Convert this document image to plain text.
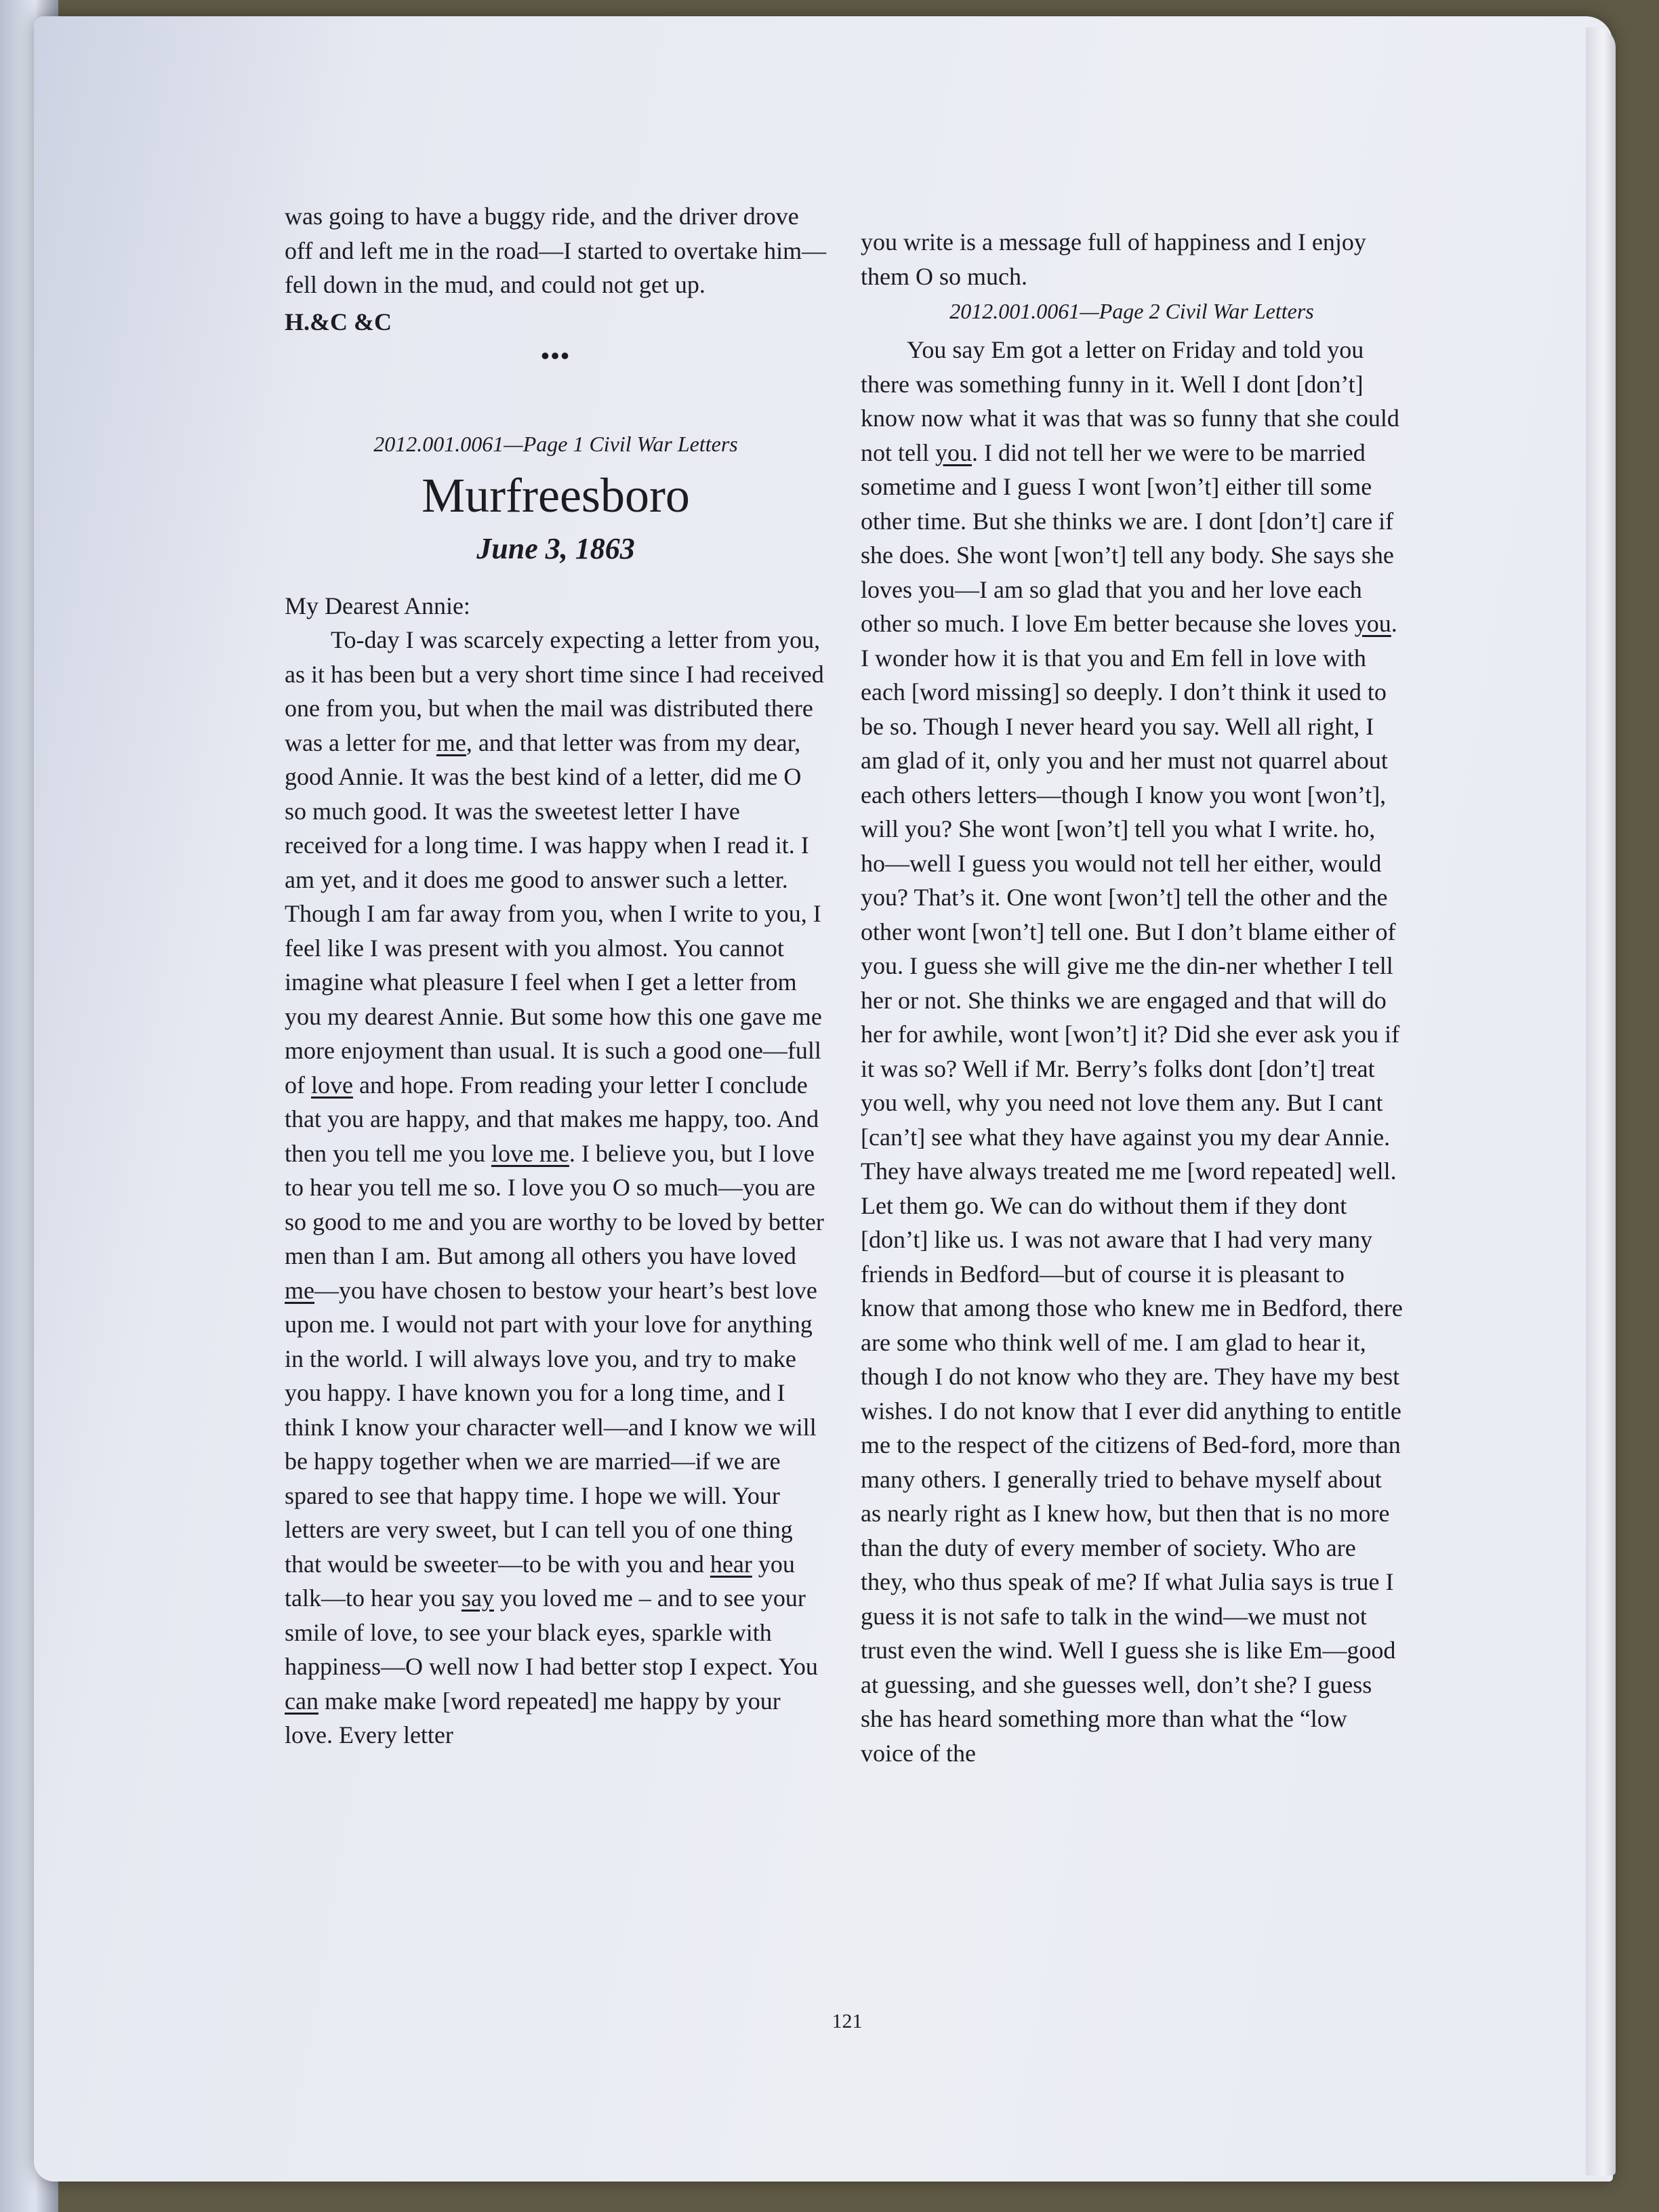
was going to have a buggy ride, and the driver drove off and left me in the road—I started to overtake him—fell down in the mud, and could not get up.

H.&C &C

•••

2012.001.0061—Page 1 Civil War Letters

Murfreesboro

June 3, 1863

My Dearest Annie:

To-day I was scarcely expecting a letter from you, as it has been but a very short time since I had received one from you, but when the mail was distributed there was a letter for me, and that letter was from my dear, good Annie. It was the best kind of a letter, did me O so much good. It was the sweetest letter I have received for a long time. I was happy when I read it. I am yet, and it does me good to answer such a letter. Though I am far away from you, when I write to you, I feel like I was present with you almost. You cannot imagine what pleasure I feel when I get a letter from you my dearest Annie. But some how this one gave me more enjoyment than usual. It is such a good one—full of love and hope. From reading your letter I conclude that you are happy, and that makes me happy, too. And then you tell me you love me. I believe you, but I love to hear you tell me so. I love you O so much—you are so good to me and you are worthy to be loved by better men than I am. But among all others you have loved me—you have chosen to bestow your heart’s best love upon me. I would not part with your love for anything in the world. I will always love you, and try to make you happy. I have known you for a long time, and I think I know your character well—and I know we will be happy together when we are married—if we are spared to see that happy time. I hope we will. Your letters are very sweet, but I can tell you of one thing that would be sweeter—to be with you and hear you talk—to hear you say you loved me – and to see your smile of love, to see your black eyes, sparkle with happiness—O well now I had better stop I expect. You can make make [word repeated] me happy by your love. Every letter

you write is a message full of happiness and I enjoy them O so much.

2012.001.0061—Page 2 Civil War Letters

You say Em got a letter on Friday and told you there was something funny in it. Well I dont [don’t] know now what it was that was so funny that she could not tell you. I did not tell her we were to be married sometime and I guess I wont [won’t] either till some other time. But she thinks we are. I dont [don’t] care if she does. She wont [won’t] tell any body. She says she loves you—I am so glad that you and her love each other so much. I love Em better because she loves you. I wonder how it is that you and Em fell in love with each [word missing] so deeply. I don’t think it used to be so. Though I never heard you say. Well all right, I am glad of it, only you and her must not quarrel about each others letters—though I know you wont [won’t], will you? She wont [won’t] tell you what I write. ho, ho—well I guess you would not tell her either, would you? That’s it. One wont [won’t] tell the other and the other wont [won’t] tell one. But I don’t blame either of you. I guess she will give me the din-ner whether I tell her or not. She thinks we are engaged and that will do her for awhile, wont [won’t] it? Did she ever ask you if it was so? Well if Mr. Berry’s folks dont [don’t] treat you well, why you need not love them any. But I cant [can’t] see what they have against you my dear Annie. They have always treated me me [word repeated] well. Let them go. We can do without them if they dont [don’t] like us. I was not aware that I had very many friends in Bedford—but of course it is pleasant to know that among those who knew me in Bedford, there are some who think well of me. I am glad to hear it, though I do not know who they are. They have my best wishes. I do not know that I ever did anything to entitle me to the respect of the citizens of Bed-ford, more than many others. I generally tried to behave myself about as nearly right as I knew how, but then that is no more than the duty of every member of society. Who are they, who thus speak of me? If what Julia says is true I guess it is not safe to talk in the wind—we must not trust even the wind. Well I guess she is like Em—good at guessing, and she guesses well, don’t she? I guess she has heard something more than what the “low voice of the

121
